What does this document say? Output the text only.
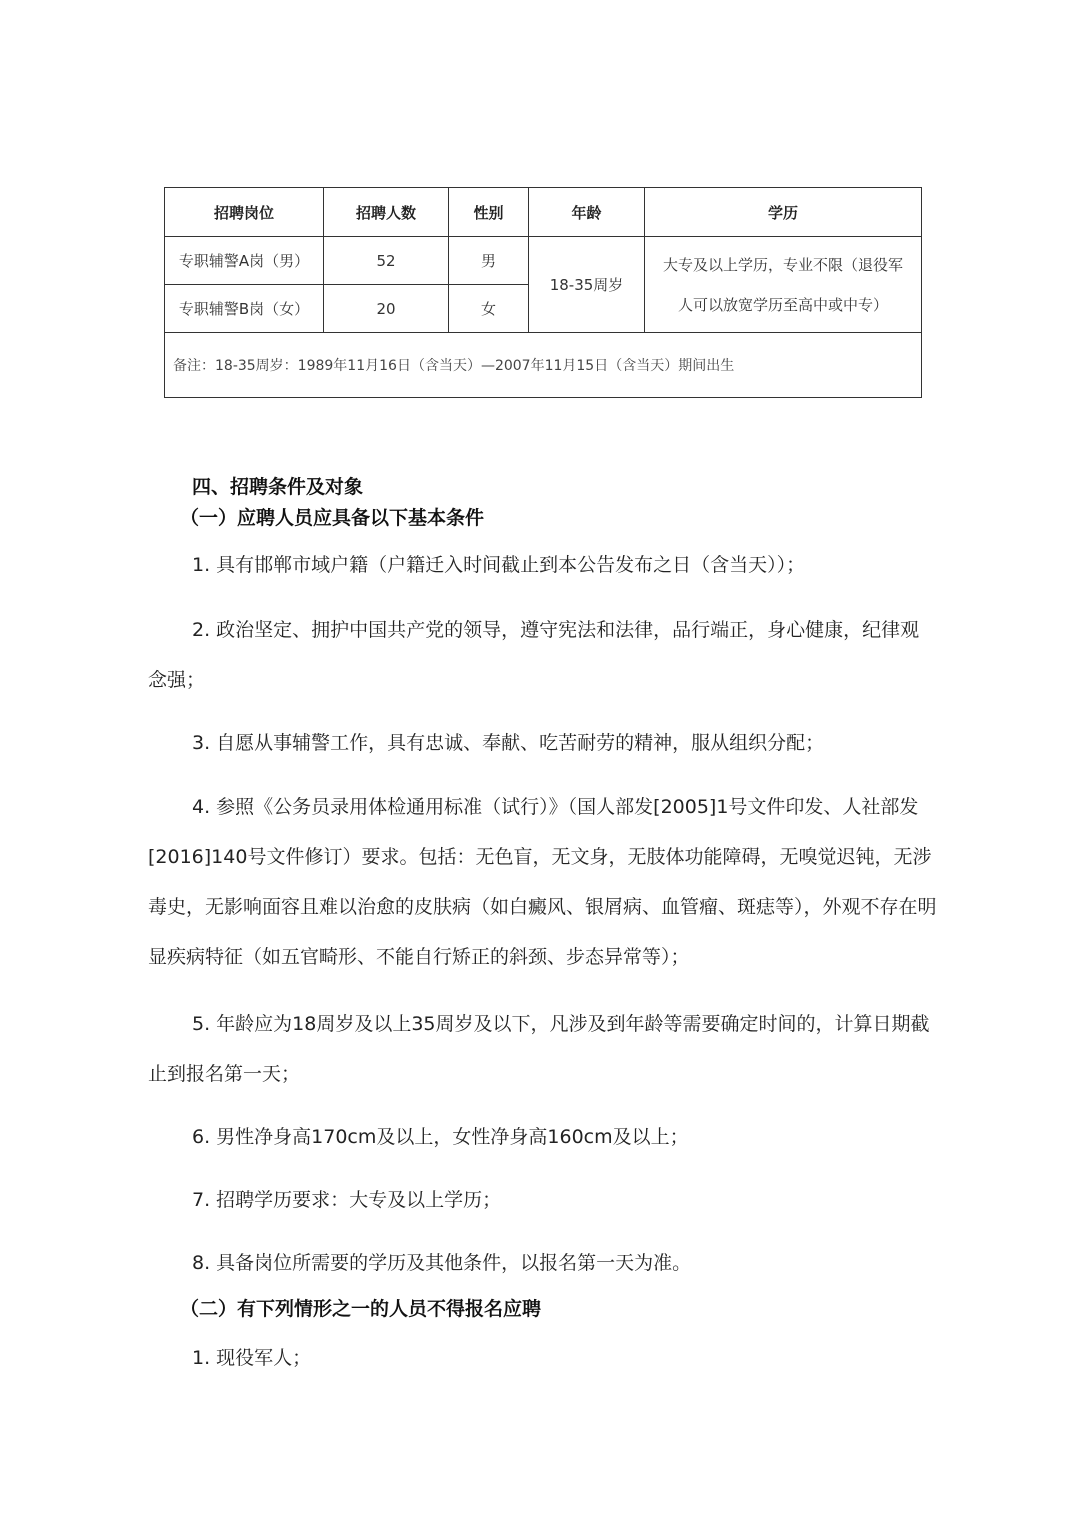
招聘岗位	招聘人数	性别	年龄	学历
专职辅警A岗（男）	52	男	18-35周岁	大专及以上学历，专业不限（退役军
人可以放宽学历至高中或中专）

专职辅警B岗（女）	20	女		
备注：18-35周岁：1989年11月16日（含当天）—2007年11月15日（含当天）期间出生				
四、招聘条件及对象
（一）应聘人员应具备以下基本条件

1. 具有邯郸市域户籍（户籍迁入时间截止到本公告发布之日（含当天））；

2. 政治坚定、拥护中国共产党的领导，遵守宪法和法律，品行端正，身心健康，纪律观念强；

3. 自愿从事辅警工作，具有忠诚、奉献、吃苦耐劳的精神，服从组织分配；

4. 参照《公务员录用体检通用标准（试行）》（国人部发[2005]1号文件印发、人社部发[2016]140号文件修订）要求。包括：无色盲，无文身，无肢体功能障碍，无嗅觉迟钝，无涉毒史，无影响面容且难以治愈的皮肤病（如白癜风、银屑病、血管瘤、斑痣等），外观不存在明显疾病特征（如五官畸形、不能自行矫正的斜颈、步态异常等）；

5. 年龄应为18周岁及以上35周岁及以下，凡涉及到年龄等需要确定时间的，计算日期截止到报名第一天；

6. 男性净身高170cm及以上，女性净身高160cm及以上；

7. 招聘学历要求：大专及以上学历；

8. 具备岗位所需要的学历及其他条件，以报名第一天为准。

（二）有下列情形之一的人员不得报名应聘

1. 现役军人；
